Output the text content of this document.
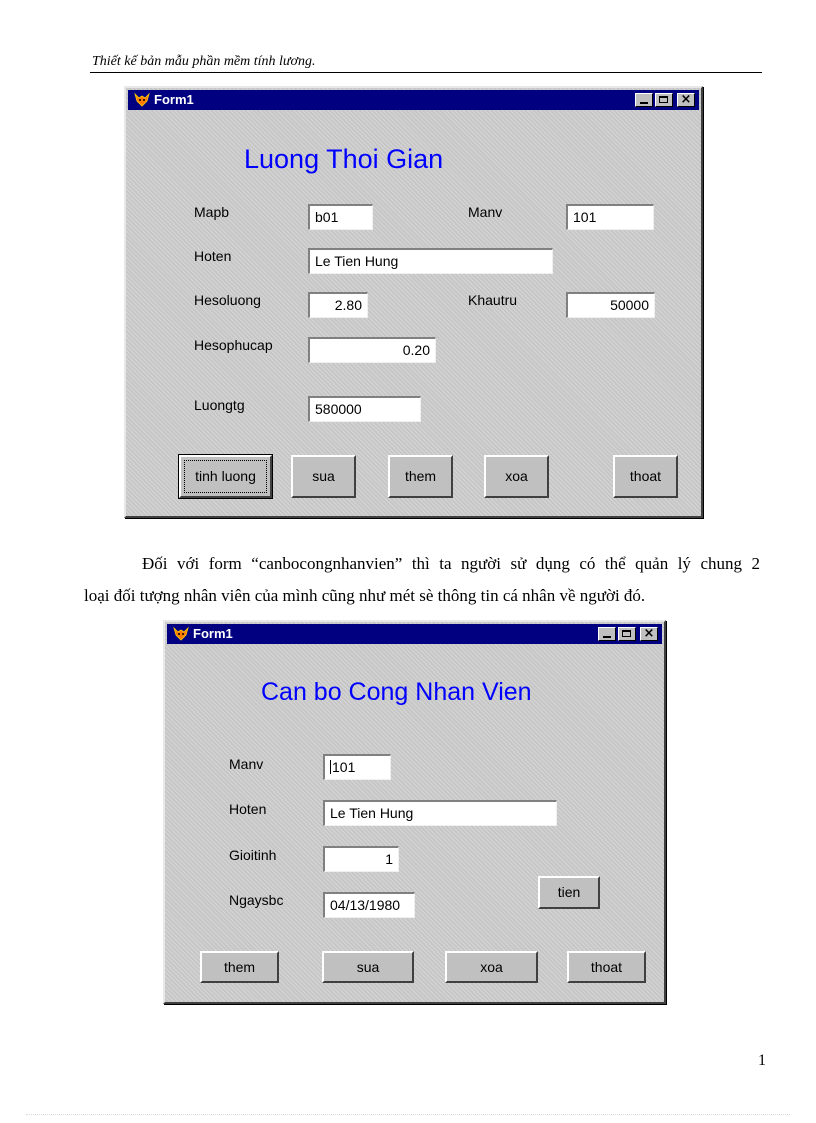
Thiết kế bản mẫu phần mềm tính lương.
Form1	×
Luong Thoi Gian
Mapb	b01	Manv	101
Hoten	Le Tien Hung
Hesoluong	2.80	Khautru	50000
Hesophucap	0.20
Luongtg	580000
tinh luong	sua	them	xoa	thoat
Đối với form “canbocongnhanvien” thì ta người sử dụng có thể quản lý chung 2
loại đối tượng nhân viên của mình cũng như mét sè thông tin cá nhân về người đó.
Form1	×
Can bo Cong Nhan Vien
Manv	101
Hoten	Le Tien Hung
Gioitinh	1
Ngaysbc	04/13/1980
tien
them	sua	xoa	thoat
1
